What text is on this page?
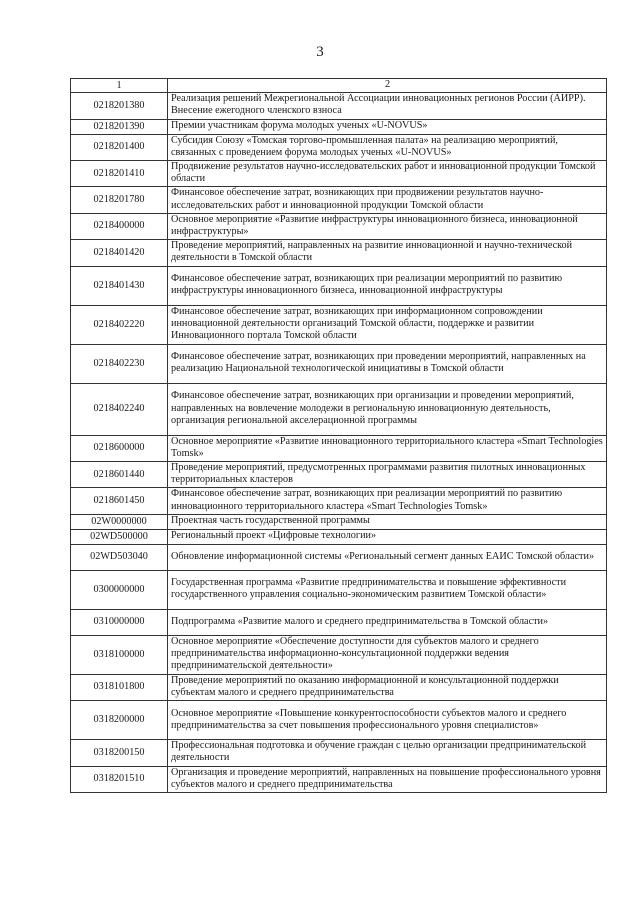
3
1	2
0218201380	Реализация решений Межрегиональной Ассоциации инновационных регионов России (АИРР). Внесение ежегодного членского взноса
0218201390	Премии участникам форума молодых ученых «U-NOVUS»
0218201400	Субсидия Союзу «Томская торгово-промышленная палата» на реализацию мероприятий, связанных с проведением форума молодых ученых «U-NOVUS»
0218201410	Продвижение результатов научно-исследовательских работ и инновационной продукции Томской области
0218201780	Финансовое обеспечение затрат, возникающих при продвижении результатов научно-исследовательских работ и инновационной продукции Томской области
0218400000	Основное мероприятие «Развитие инфраструктуры инновационного бизнеса, инновационной инфраструктуры»
0218401420	Проведение мероприятий, направленных на развитие инновационной и научно-технической деятельности в Томской области
0218401430	Финансовое обеспечение затрат, возникающих при реализации мероприятий по развитию инфраструктуры инновационного бизнеса, инновационной инфраструктуры
0218402220	Финансовое обеспечение затрат, возникающих при информационном сопровождении инновационной деятельности организаций Томской области, поддержке и развитии Инновационного портала Томской области
0218402230	Финансовое обеспечение затрат, возникающих при проведении мероприятий, направленных на реализацию Национальной технологической инициативы в Томской области
0218402240	Финансовое обеспечение затрат, возникающих при организации и проведении мероприятий, направленных на вовлечение молодежи в региональную инновационную деятельность, организация региональной акселерационной программы
0218600000	Основное мероприятие «Развитие инновационного территориального кластера «Smart Technologies Tomsk»
0218601440	Проведение мероприятий, предусмотренных программами развития пилотных инновационных территориальных кластеров
0218601450	Финансовое обеспечение затрат, возникающих при реализации мероприятий по развитию инновационного территориального кластера «Smart Technologies Tomsk»
02W0000000	Проектная часть государственной программы
02WD500000	Региональный проект «Цифровые технологии»
02WD503040	Обновление информационной системы «Региональный сегмент данных ЕАИС Томской области»
0300000000	Государственная программа «Развитие предпринимательства и повышение эффективности государственного управления социально-экономическим развитием Томской области»
0310000000	Подпрограмма «Развитие малого и среднего предпринимательства в Томской области»
0318100000	Основное мероприятие «Обеспечение доступности для субъектов малого и среднего предпринимательства информационно-консультационной поддержки ведения предпринимательской деятельности»
0318101800	Проведение мероприятий по оказанию информационной и консультационной поддержки субъектам малого и среднего предпринимательства
0318200000	Основное мероприятие «Повышение конкурентоспособности субъектов малого и среднего предпринимательства за счет повышения профессионального уровня специалистов»
0318200150	Профессиональная подготовка и обучение граждан с целью организации предпринимательской деятельности
0318201510	Организация и проведение мероприятий, направленных на повышение профессионального уровня субъектов малого и среднего предпринимательства
